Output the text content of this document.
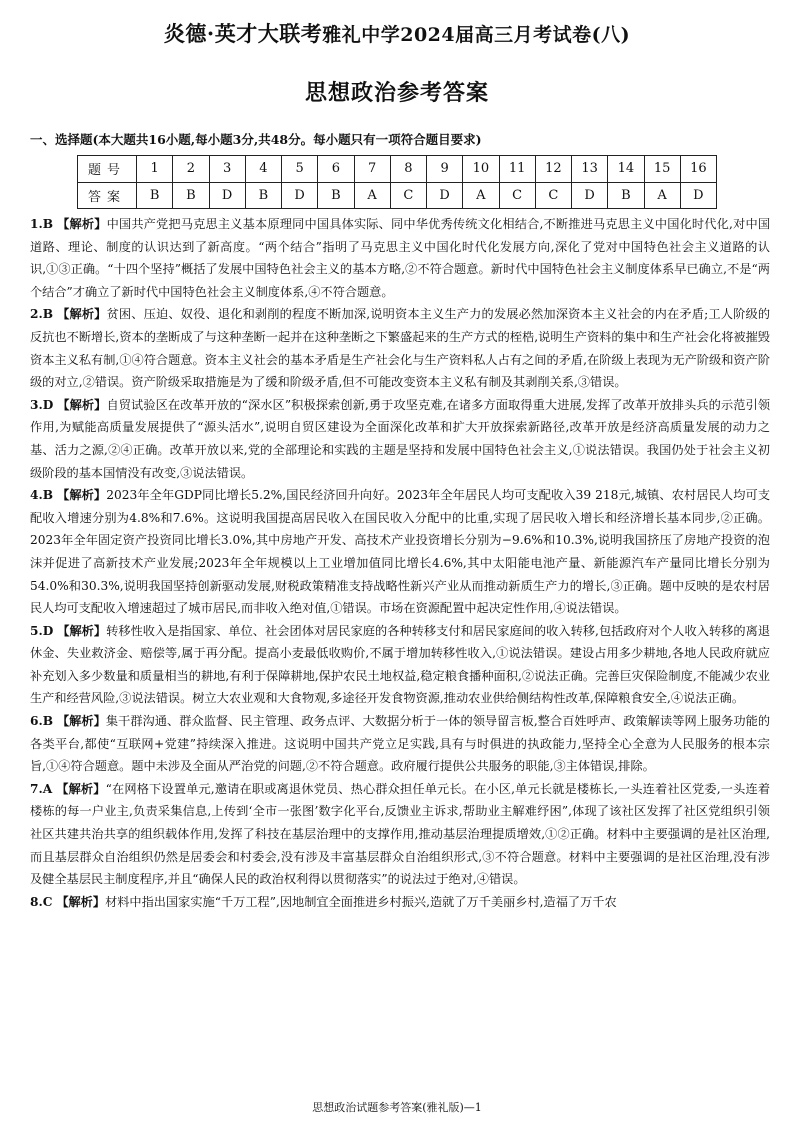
炎德·英才大联考雅礼中学2024届高三月考试卷(八)
思想政治参考答案
一、选择题(本大题共16小题,每小题3分,共48分。每小题只有一项符合题目要求)
题号	1	2	3	4	5	6	7	8	9	10	11	12	13	14	15	16
答案	B	B	D	B	D	B	A	C	D	A	C	C	D	B	A	D

1.B 【解析】中国共产党把马克思主义基本原理同中国具体实际、同中华优秀传统文化相结合,不断推进马克思主义中国化时代化,对中国道路、理论、制度的认识达到了新高度。“两个结合”指明了马克思主义中国化时代化发展方向,深化了党对中国特色社会主义道路的认识,①③正确。“十四个坚持”概括了发展中国特色社会主义的基本方略,②不符合题意。新时代中国特色社会主义制度体系早已确立,不是“两个结合”才确立了新时代中国特色社会主义制度体系,④不符合题意。

2.B 【解析】贫困、压迫、奴役、退化和剥削的程度不断加深,说明资本主义生产力的发展必然加深资本主义社会的内在矛盾;工人阶级的反抗也不断增长,资本的垄断成了与这种垄断一起并在这种垄断之下繁盛起来的生产方式的桎梏,说明生产资料的集中和生产社会化将被摧毁资本主义私有制,①④符合题意。资本主义社会的基本矛盾是生产社会化与生产资料私人占有之间的矛盾,在阶级上表现为无产阶级和资产阶级的对立,②错误。资产阶级采取措施是为了缓和阶级矛盾,但不可能改变资本主义私有制及其剥削关系,③错误。

3.D 【解析】自贸试验区在改革开放的“深水区”积极探索创新,勇于攻坚克难,在诸多方面取得重大进展,发挥了改革开放排头兵的示范引领作用,为赋能高质量发展提供了“源头活水”,说明自贸区建设为全面深化改革和扩大开放探索新路径,改革开放是经济高质量发展的动力之基、活力之源,②④正确。改革开放以来,党的全部理论和实践的主题是坚持和发展中国特色社会主义,①说法错误。我国仍处于社会主义初级阶段的基本国情没有改变,③说法错误。

4.B 【解析】2023年全年GDP同比增长5.2%,国民经济回升向好。2023年全年居民人均可支配收入39 218元,城镇、农村居民人均可支配收入增速分别为4.8%和7.6%。这说明我国提高居民收入在国民收入分配中的比重,实现了居民收入增长和经济增长基本同步,②正确。2023年全年固定资产投资同比增长3.0%,其中房地产开发、高技术产业投资增长分别为−9.6%和10.3%,说明我国挤压了房地产投资的泡沫并促进了高新技术产业发展;2023年全年规模以上工业增加值同比增长4.6%,其中太阳能电池产量、新能源汽车产量同比增长分别为54.0%和30.3%,说明我国坚持创新驱动发展,财税政策精准支持战略性新兴产业从而推动新质生产力的增长,③正确。题中反映的是农村居民人均可支配收入增速超过了城市居民,而非收入绝对值,①错误。市场在资源配置中起决定性作用,④说法错误。

5.D 【解析】转移性收入是指国家、单位、社会团体对居民家庭的各种转移支付和居民家庭间的收入转移,包括政府对个人收入转移的离退休金、失业救济金、赔偿等,属于再分配。提高小麦最低收购价,不属于增加转移性收入,①说法错误。建设占用多少耕地,各地人民政府就应补充划入多少数量和质量相当的耕地,有利于保障耕地,保护农民土地权益,稳定粮食播种面积,②说法正确。完善巨灾保险制度,不能减少农业生产和经营风险,③说法错误。树立大农业观和大食物观,多途径开发食物资源,推动农业供给侧结构性改革,保障粮食安全,④说法正确。

6.B 【解析】集干群沟通、群众监督、民主管理、政务点评、大数据分析于一体的领导留言板,整合百姓呼声、政策解读等网上服务功能的各类平台,都使“互联网+党建”持续深入推进。这说明中国共产党立足实践,具有与时俱进的执政能力,坚持全心全意为人民服务的根本宗旨,①④符合题意。题中未涉及全面从严治党的问题,②不符合题意。政府履行提供公共服务的职能,③主体错误,排除。

7.A 【解析】“在网格下设置单元,邀请在职或离退休党员、热心群众担任单元长。在小区,单元长就是楼栋长,一头连着社区党委,一头连着楼栋的每一户业主,负责采集信息,上传到‘全市一张图’数字化平台,反馈业主诉求,帮助业主解难纾困”,体现了该社区发挥了社区党组织引领社区共建共治共享的组织载体作用,发挥了科技在基层治理中的支撑作用,推动基层治理提质增效,①②正确。材料中主要强调的是社区治理,而且基层群众自治组织仍然是居委会和村委会,没有涉及丰富基层群众自治组织形式,③不符合题意。材料中主要强调的是社区治理,没有涉及健全基层民主制度程序,并且“确保人民的政治权利得以贯彻落实”的说法过于绝对,④错误。

8.C 【解析】材料中指出国家实施“千万工程”,因地制宜全面推进乡村振兴,造就了万千美丽乡村,造福了万千农

思想政治试题参考答案(雅礼版)—1
